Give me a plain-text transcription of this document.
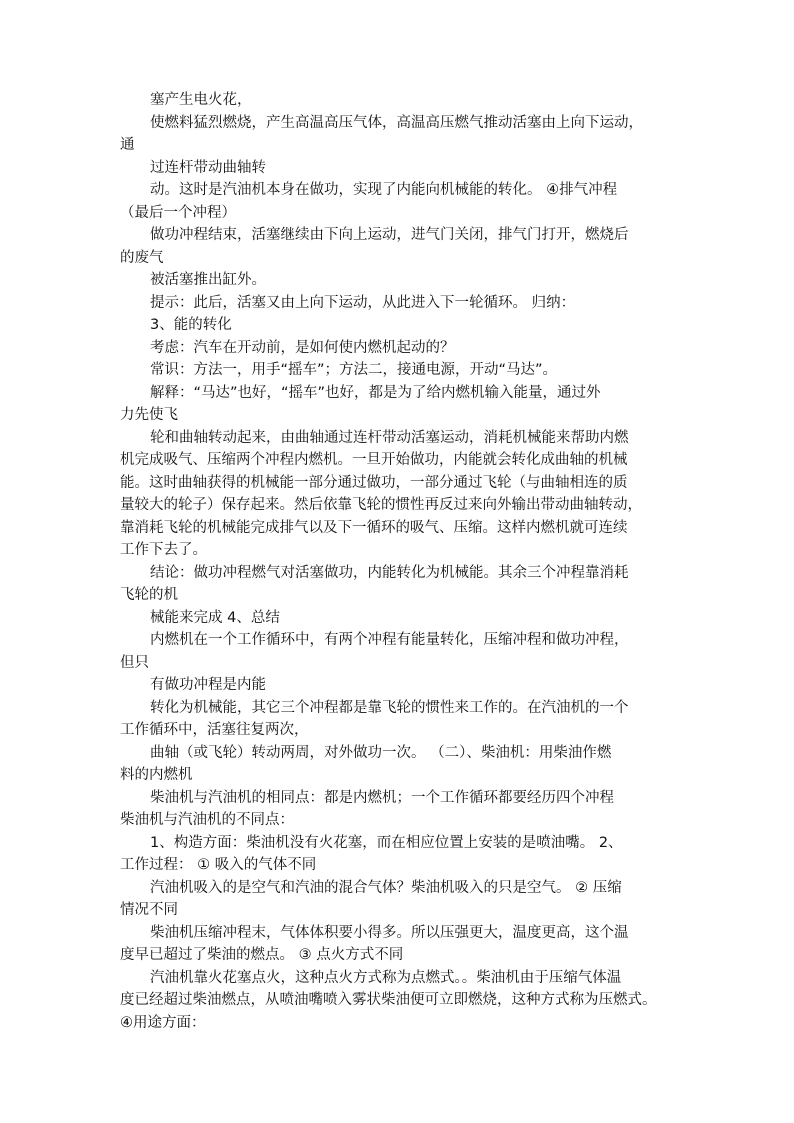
塞产生电火花，

使燃料猛烈燃烧，产生高温高压气体，高温高压燃气推动活塞由上向下运动，

通

过连杆带动曲轴转

动。这时是汽油机本身在做功，实现了内能向机械能的转化。 ④排气冲程

（最后一个冲程）

做功冲程结束，活塞继续由下向上运动，进气门关闭，排气门打开，燃烧后

的废气

被活塞推出缸外。

提示：此后，活塞又由上向下运动，从此进入下一轮循环。 归纳：

3、能的转化

考虑：汽车在开动前，是如何使内燃机起动的？

常识：方法一，用手“摇车”；方法二，接通电源，开动“马达”。

解释：“马达”也好，“摇车”也好，都是为了给内燃机输入能量，通过外

力先使飞

轮和曲轴转动起来，由曲轴通过连杆带动活塞运动，消耗机械能来帮助内燃

机完成吸气、压缩两个冲程内燃机。一旦开始做功，内能就会转化成曲轴的机械

能。这时曲轴获得的机械能一部分通过做功，一部分通过飞轮（与曲轴相连的质

量较大的轮子）保存起来。然后依靠飞轮的惯性再反过来向外输出带动曲轴转动，

靠消耗飞轮的机械能完成排气以及下一循环的吸气、压缩。这样内燃机就可连续

工作下去了。

结论：做功冲程燃气对活塞做功，内能转化为机械能。其余三个冲程靠消耗

飞轮的机

械能来完成 4、总结

内燃机在一个工作循环中，有两个冲程有能量转化，压缩冲程和做功冲程，

但只

有做功冲程是内能

转化为机械能，其它三个冲程都是靠飞轮的惯性来工作的。在汽油机的一个

工作循环中，活塞往复两次，

曲轴（或飞轮）转动两周，对外做功一次。 （二）、柴油机：用柴油作燃

料的内燃机

柴油机与汽油机的相同点：都是内燃机；一个工作循环都要经历四个冲程

柴油机与汽油机的不同点：

1、构造方面：柴油机没有火花塞，而在相应位置上安装的是喷油嘴。 2、

工作过程： ① 吸入的气体不同

汽油机吸入的是空气和汽油的混合气体？柴油机吸入的只是空气。 ② 压缩

情况不同

柴油机压缩冲程末，气体体积要小得多。所以压强更大，温度更高，这个温

度早已超过了柴油的燃点。 ③ 点火方式不同

汽油机靠火花塞点火，这种点火方式称为点燃式。。柴油机由于压缩气体温

度已经超过柴油燃点，从喷油嘴喷入雾状柴油便可立即燃烧，这种方式称为压燃式。

④用途方面：
